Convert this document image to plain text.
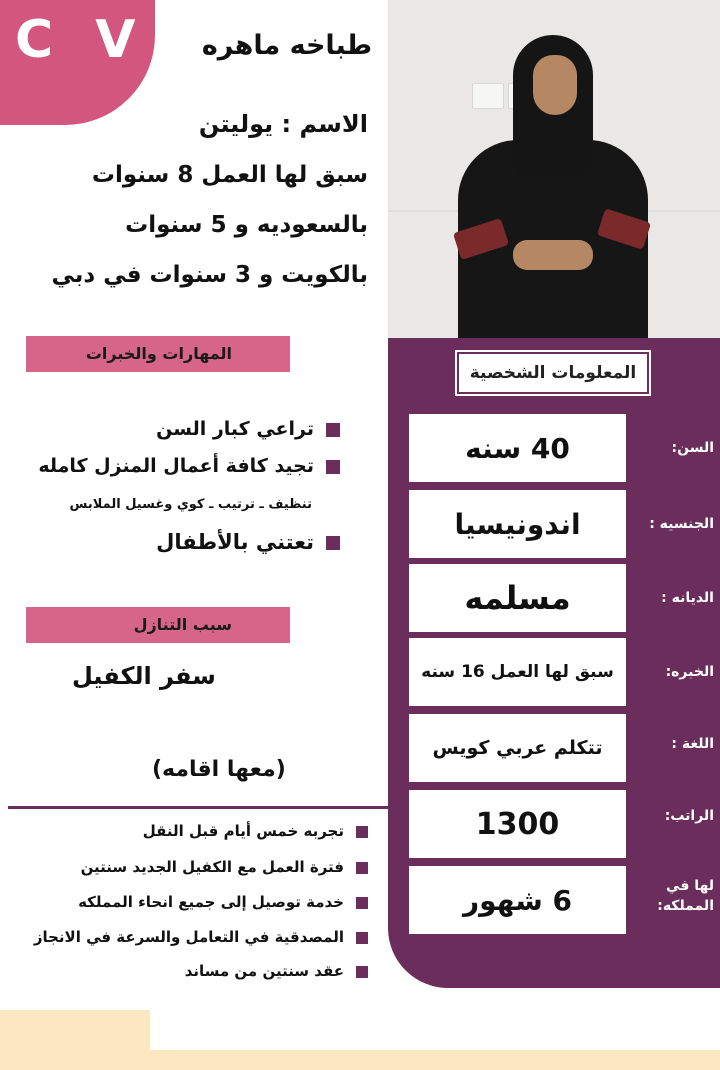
C V
المعلومات الشخصية
40 سنه	السن:
اندونيسيا	الجنسيه :
مسلمه	الديانه :
سبق لها العمل 16 سنه	الخبره:
تتكلم عربي كويس	اللغة :
1300	الراتب:
6 شهور	لها في المملكه:
طباخه ماهره
الاسم : يوليتن
سبق لها العمل 8 سنوات بالسعوديه و 5 سنوات بالكويت و 3 سنوات في دبي
المهارات والخبرات
تراعي كبار السن
تجيد كافة أعمال المنزل كامله
تنظيف ـ ترتيب ـ كوي وغسيل الملابس
تعتني بالأطفال
سبب التنازل
سفر الكفيل
(معها اقامه)
تجربه خمس أيام قبل النقل
فترة العمل مع الكفيل الجديد سنتين
خدمة توصيل إلى جميع انحاء المملكه
المصدقية في التعامل والسرعة في الانجاز
عقد سنتين من مساند
